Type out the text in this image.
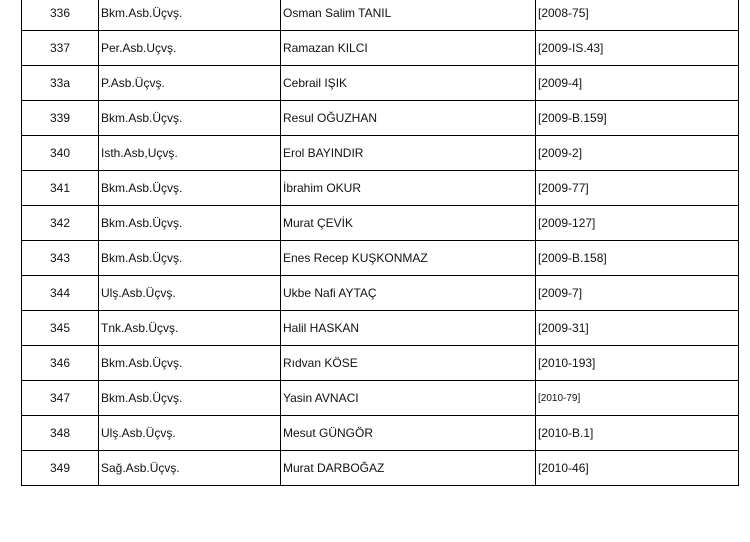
336	Bkm.Asb.Üçvş.	Osman Salim TANIL	[2008-75]
337	Per.Asb.Uçvş.	Ramazan KILCI	[2009-IS.43]
33a	P.Asb.Üçvş.	Cebrail IŞIK	[2009-4]
339	Bkm.Asb.Üçvş.	Resul OĞUZHAN	[2009-B.159]
340	Isth.Asb,Uçvş.	Erol BAYINDIR	[2009-2]
341	Bkm.Asb.Üçvş.	İbrahim OKUR	[2009-77]
342	Bkm.Asb.Üçvş.	Murat ÇEVİK	[2009-127]
343	Bkm.Asb.Üçvş.	Enes Recep KUŞKONMAZ	[2009-B.158]
344	Ulş.Asb.Üçvş.	Ukbe Nafi AYTAÇ	[2009-7]
345	Tnk.Asb.Üçvş.	Halil HASKAN	[2009-31]
346	Bkm.Asb.Üçvş.	Rıdvan KÖSE	[2010-193]
347	Bkm.Asb.Üçvş.	Yasin AVNACI	[2010-79]
348	Ulş.Asb.Üçvş.	Mesut GÜNGÖR	[2010-B.1]
349	Sağ.Asb.Üçvş.	Murat DARBOĞAZ	[2010-46]
